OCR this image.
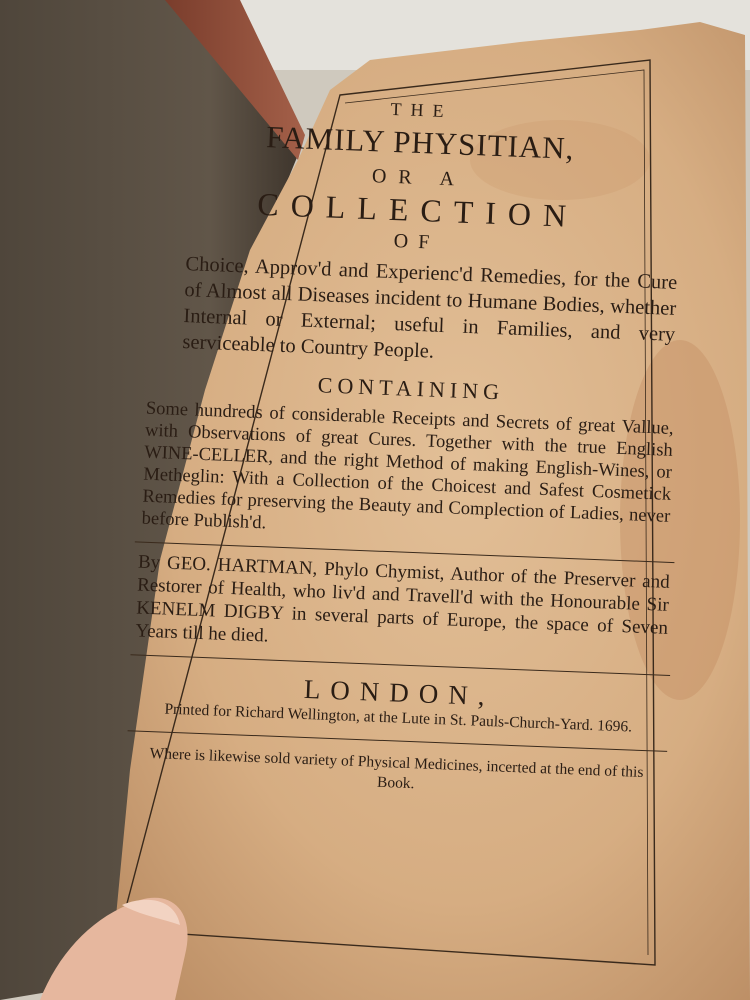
THE
FAMILY PHYSITIAN,
OR A
COLLECTION
OF
Choice, Approv'd and Experienc'd Remedies, for the Cure of Almost all Diseases incident to Humane Bodies, whether Internal or External; useful in Families, and very serviceable to Country People.
CONTAINING
Some hundreds of considerable Receipts and Secrets of great Vallue, with Observations of great Cures. Together with the true English WINE-CELLER, and the right Method of making English-Wines, or Metheglin: With a Collection of the Choicest and Safest Cosmetick Remedies for preserving the Beauty and Complection of Ladies, never before Publish'd.
By GEO. HARTMAN, Phylo Chymist, Author of the Preserver and Restorer of Health, who liv'd and Travell'd with the Honourable Sir KENELM DIGBY in several parts of Europe, the space of Seven Years till he died.
LONDON,
Printed for Richard Wellington, at the Lute in St. Pauls-Church-Yard. 1696.
Where is likewise sold variety of Physical Medicines, incerted at the end of this Book.
